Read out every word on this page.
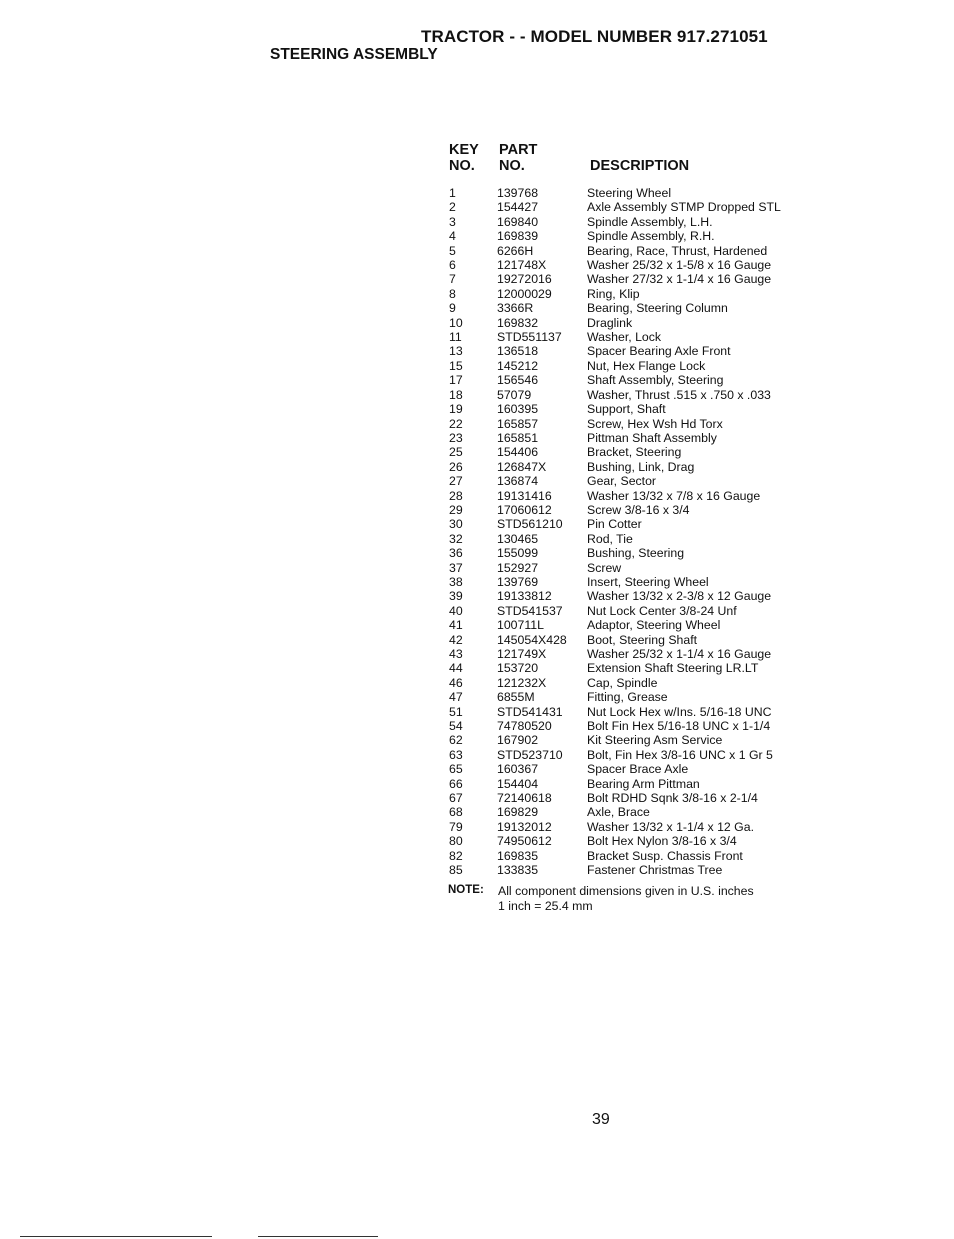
TRACTOR - - MODEL NUMBER 917.271051
STEERING ASSEMBLY
KEY
NO.
PART
NO.	DESCRIPTION
1	139768	Steering Wheel
2	154427	Axle Assembly STMP Dropped STL
3	169840	Spindle Assembly, L.H.
4	169839	Spindle Assembly, R.H.
5	6266H	Bearing, Race, Thrust, Hardened
6	121748X	Washer 25/32 x 1-5/8 x 16 Gauge
7	19272016	Washer 27/32 x 1-1/4 x 16 Gauge
8	12000029	Ring, Klip
9	3366R	Bearing, Steering Column
10	169832	Draglink
11	STD551137 Washer, Lock
13	136518	Spacer Bearing Axle Front
15	145212	Nut, Hex Flange Lock
17	156546	Shaft Assembly, Steering
18	57079	Washer, Thrust .515 x .750 x .033
19	160395	Support, Shaft
22	165857	Screw, Hex Wsh Hd Torx
23	165851	Pittman Shaft Assembly
25	154406	Bracket, Steering
26	126847X	Bushing, Link, Drag
27	136874	Gear, Sector
28	19131416	Washer 13/32 x 7/8 x 16 Gauge
29	17060612	Screw 3/8-16 x 3/4
30	STD561210 Pin Cotter
32	130465	Rod, Tie
36	155099	Bushing, Steering
37	152927	Screw
38	139769	Insert, Steering Wheel
39	19133812	Washer 13/32 x 2-3/8 x 12 Gauge
40	STD541537 Nut Lock Center 3/8-24 Unf
41	100711L	Adaptor, Steering Wheel
42	145054X428 Boot, Steering Shaft
43	121749X	Washer 25/32 x 1-1/4 x 16 Gauge
44	153720	Extension Shaft Steering LR.LT
46	121232X	Cap, Spindle
47	6855M	Fitting, Grease
51	STD541431 Nut Lock Hex w/Ins. 5/16-18 UNC
54	74780520	Bolt Fin Hex 5/16-18 UNC x 1-1/4
62	167902	Kit Steering Asm Service
63	STD523710 Bolt, Fin Hex 3/8-16 UNC x 1 Gr 5
65	160367	Spacer Brace Axle
66	154404	Bearing Arm Pittman
67	72140618	Bolt RDHD Sqnk 3/8-16 x 2-1/4
68	169829	Axle, Brace
79	19132012	Washer 13/32 x 1-1/4 x 12 Ga.
80	74950612	Bolt Hex Nylon 3/8-16 x 3/4
82	169835	Bracket Susp. Chassis Front
85	133835	Fastener Christmas Tree
NOTE: All component dimensions given in U.S. inches
1 inch = 25.4 mm
39
